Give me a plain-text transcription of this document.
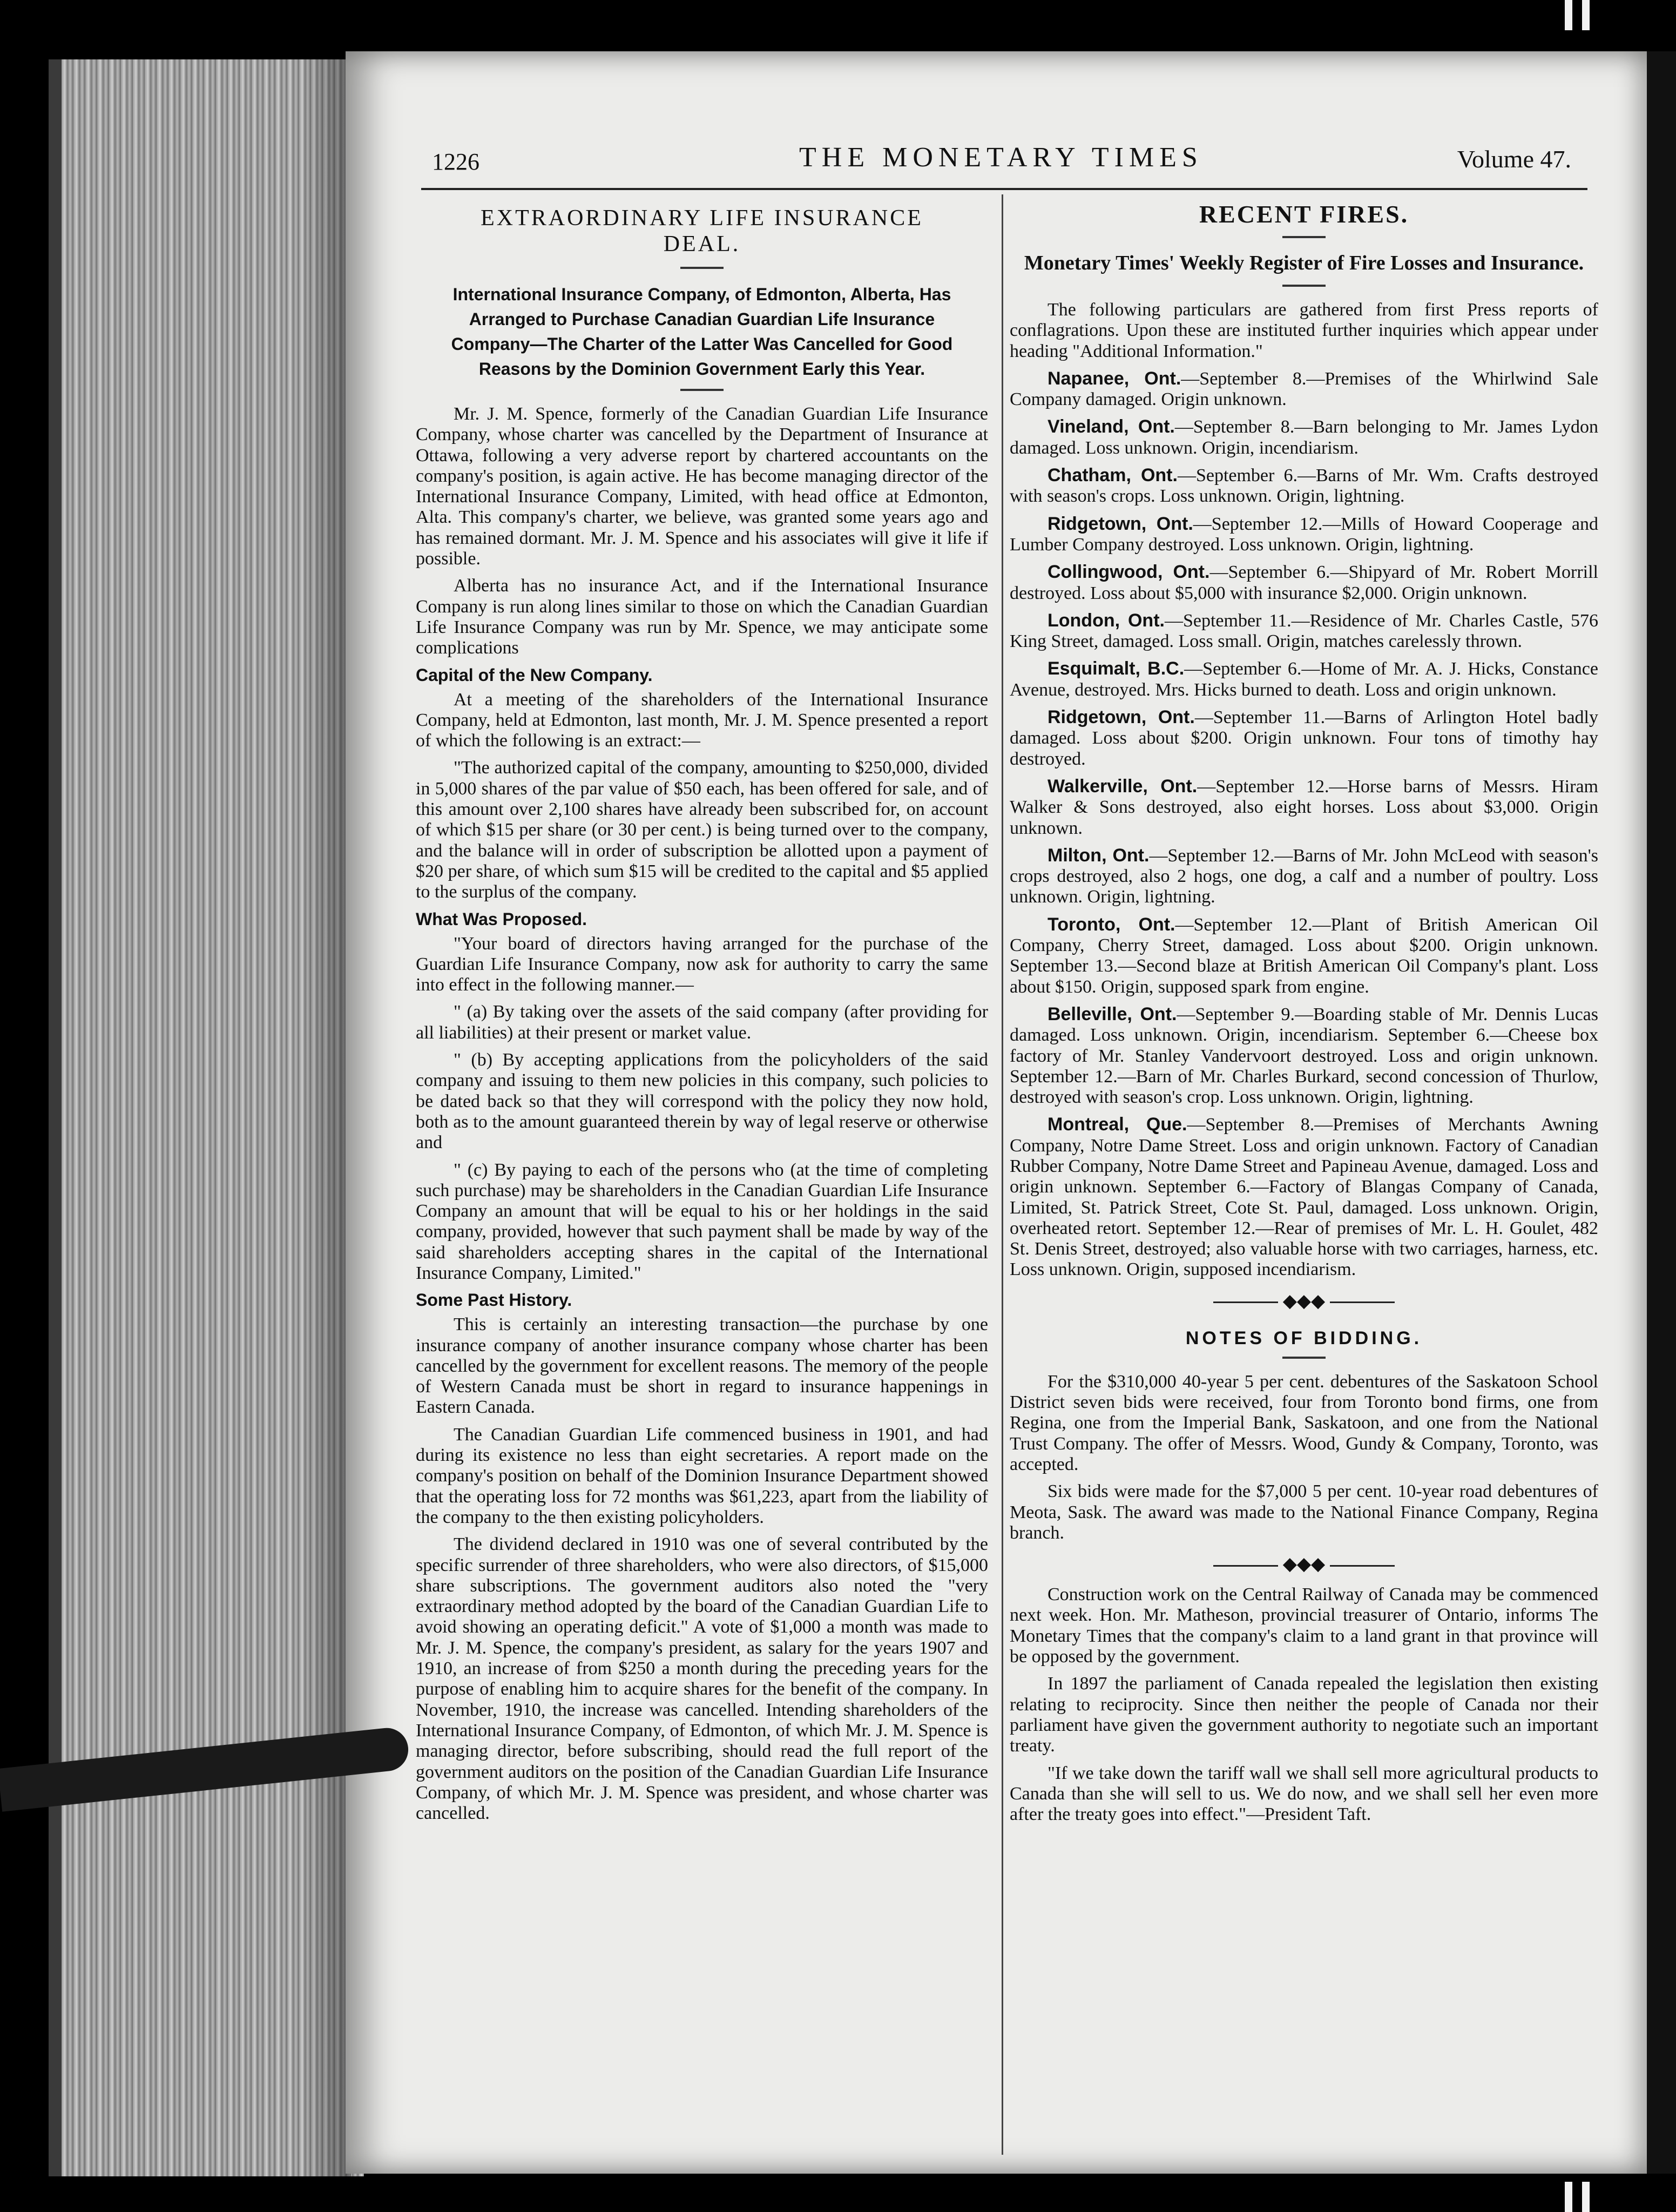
1226	THE MONETARY TIMES	Volume 47.
EXTRAORDINARY LIFE INSURANCE
DEAL.
International Insurance Company, of Edmonton, Alberta, Has Arranged to Purchase Canadian Guardian Life Insurance Company—The Charter of the Latter Was Cancelled for Good Reasons by the Dominion Government Early this Year.

Mr. J. M. Spence, formerly of the Canadian Guardian Life Insurance Company, whose charter was cancelled by the Department of Insurance at Ottawa, following a very adverse report by chartered accountants on the company's position, is again active. He has become managing director of the International Insurance Company, Limited, with head office at Edmonton, Alta. This company's charter, we believe, was granted some years ago and has remained dormant. Mr. J. M. Spence and his associates will give it life if possible.

Alberta has no insurance Act, and if the International Insurance Company is run along lines similar to those on which the Canadian Guardian Life Insurance Company was run by Mr. Spence, we may anticipate some complications

Capital of the New Company.

At a meeting of the shareholders of the International Insurance Company, held at Edmonton, last month, Mr. J. M. Spence presented a report of which the following is an extract:—

"The authorized capital of the company, amounting to $250,000, divided in 5,000 shares of the par value of $50 each, has been offered for sale, and of this amount over 2,100 shares have already been subscribed for, on account of which $15 per share (or 30 per cent.) is being turned over to the company, and the balance will in order of subscription be allotted upon a payment of $20 per share, of which sum $15 will be credited to the capital and $5 applied to the surplus of the company.

What Was Proposed.

"Your board of directors having arranged for the purchase of the Guardian Life Insurance Company, now ask for authority to carry the same into effect in the following manner.—

" (a) By taking over the assets of the said company (after providing for all liabilities) at their present or market value.

" (b) By accepting applications from the policyholders of the said company and issuing to them new policies in this company, such policies to be dated back so that they will correspond with the policy they now hold, both as to the amount guaranteed therein by way of legal reserve or otherwise and

" (c) By paying to each of the persons who (at the time of completing such purchase) may be shareholders in the Canadian Guardian Life Insurance Company an amount that will be equal to his or her holdings in the said company, provided, however that such payment shall be made by way of the said shareholders accepting shares in the capital of the International Insurance Company, Limited."

Some Past History.

This is certainly an interesting transaction—the purchase by one insurance company of another insurance company whose charter has been cancelled by the government for excellent reasons. The memory of the people of Western Canada must be short in regard to insurance happenings in Eastern Canada.

The Canadian Guardian Life commenced business in 1901, and had during its existence no less than eight secretaries. A report made on the company's position on behalf of the Dominion Insurance Department showed that the operating loss for 72 months was $61,223, apart from the liability of the company to the then existing policyholders.

The dividend declared in 1910 was one of several contributed by the specific surrender of three shareholders, who were also directors, of $15,000 share subscriptions. The government auditors also noted the "very extraordinary method adopted by the board of the Canadian Guardian Life to avoid showing an operating deficit." A vote of $1,000 a month was made to Mr. J. M. Spence, the company's president, as salary for the years 1907 and 1910, an increase of from $250 a month during the preceding years for the purpose of enabling him to acquire shares for the benefit of the company. In November, 1910, the increase was cancelled. Intending shareholders of the International Insurance Company, of Edmonton, of which Mr. J. M. Spence is managing director, before subscribing, should read the full report of the government auditors on the position of the Canadian Guardian Life Insurance Company, of which Mr. J. M. Spence was president, and whose charter was cancelled.

RECENT FIRES.
Monetary Times' Weekly Register of Fire Losses and Insurance.

The following particulars are gathered from first Press reports of conflagrations. Upon these are instituted further inquiries which appear under heading "Additional Information."

Napanee, Ont.—September 8.—Premises of the Whirlwind Sale Company damaged. Origin unknown.

Vineland, Ont.—September 8.—Barn belonging to Mr. James Lydon damaged. Loss unknown. Origin, incendiarism.

Chatham, Ont.—September 6.—Barns of Mr. Wm. Crafts destroyed with season's crops. Loss unknown. Origin, lightning.

Ridgetown, Ont.—September 12.—Mills of Howard Cooperage and Lumber Company destroyed. Loss unknown. Origin, lightning.

Collingwood, Ont.—September 6.—Shipyard of Mr. Robert Morrill destroyed. Loss about $5,000 with insurance $2,000. Origin unknown.

London, Ont.—September 11.—Residence of Mr. Charles Castle, 576 King Street, damaged. Loss small. Origin, matches carelessly thrown.

Esquimalt, B.C.—September 6.—Home of Mr. A. J. Hicks, Constance Avenue, destroyed. Mrs. Hicks burned to death. Loss and origin unknown.

Ridgetown, Ont.—September 11.—Barns of Arlington Hotel badly damaged. Loss about $200. Origin unknown. Four tons of timothy hay destroyed.

Walkerville, Ont.—September 12.—Horse barns of Messrs. Hiram Walker & Sons destroyed, also eight horses. Loss about $3,000. Origin unknown.

Milton, Ont.—September 12.—Barns of Mr. John McLeod with season's crops destroyed, also 2 hogs, one dog, a calf and a number of poultry. Loss unknown. Origin, lightning.

Toronto, Ont.—September 12.—Plant of British American Oil Company, Cherry Street, damaged. Loss about $200. Origin unknown. September 13.—Second blaze at British American Oil Company's plant. Loss about $150. Origin, supposed spark from engine.

Belleville, Ont.—September 9.—Boarding stable of Mr. Dennis Lucas damaged. Loss unknown. Origin, incendiarism. September 6.—Cheese box factory of Mr. Stanley Vandervoort destroyed. Loss and origin unknown. September 12.—Barn of Mr. Charles Burkard, second concession of Thurlow, destroyed with season's crop. Loss unknown. Origin, lightning.

Montreal, Que.—September 8.—Premises of Merchants Awning Company, Notre Dame Street. Loss and origin unknown. Factory of Canadian Rubber Company, Notre Dame Street and Papineau Avenue, damaged. Loss and origin unknown. September 6.—Factory of Blangas Company of Canada, Limited, St. Patrick Street, Cote St. Paul, damaged. Loss unknown. Origin, overheated retort. September 12.—Rear of premises of Mr. L. H. Goulet, 482 St. Denis Street, destroyed; also valuable horse with two carriages, harness, etc. Loss unknown. Origin, supposed incendiarism.

◆◆◆
NOTES OF BIDDING.

For the $310,000 40-year 5 per cent. debentures of the Saskatoon School District seven bids were received, four from Toronto bond firms, one from Regina, one from the Imperial Bank, Saskatoon, and one from the National Trust Company. The offer of Messrs. Wood, Gundy & Company, Toronto, was accepted.

Six bids were made for the $7,000 5 per cent. 10-year road debentures of Meota, Sask. The award was made to the National Finance Company, Regina branch.

◆◆◆

Construction work on the Central Railway of Canada may be commenced next week. Hon. Mr. Matheson, provincial treasurer of Ontario, informs The Monetary Times that the company's claim to a land grant in that province will be opposed by the government.

In 1897 the parliament of Canada repealed the legislation then existing relating to reciprocity. Since then neither the people of Canada nor their parliament have given the government authority to negotiate such an important treaty.

"If we take down the tariff wall we shall sell more agricultural products to Canada than she will sell to us. We do now, and we shall sell her even more after the treaty goes into effect."—President Taft.
